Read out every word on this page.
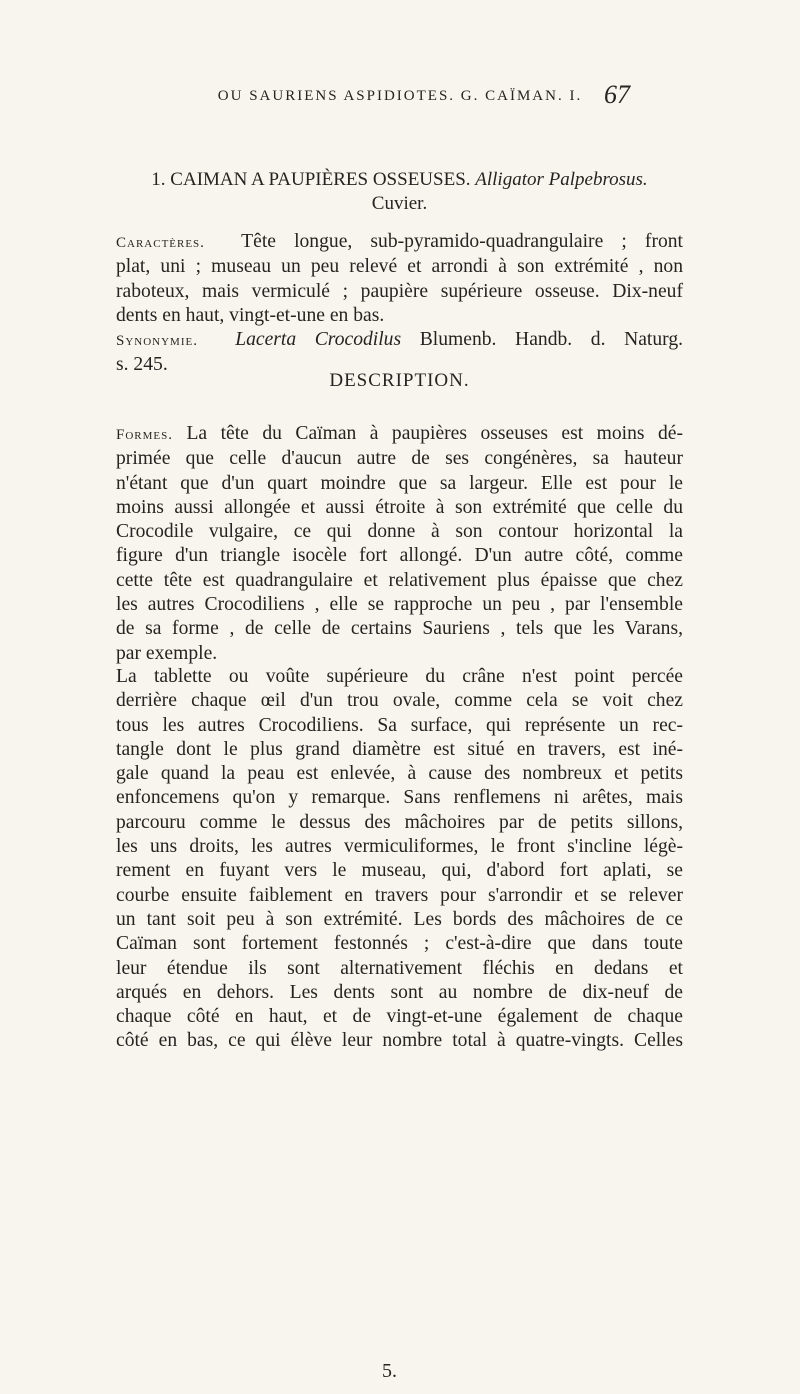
OU SAURIENS ASPIDIOTES. G. CAÏMAN. I. 67
1. CAIMAN A PAUPIÈRES OSSEUSES. Alligator Palpebrosus.
Cuvier.
Caractères. Tête longue, sub-pyramido-quadrangulaire ; front
plat, uni ; museau un peu relevé et arrondi à son extrémité , non
raboteux, mais vermiculé ; paupière supérieure osseuse. Dix-neuf
dents en haut, vingt-et-une en bas.
Synonymie. Lacerta Crocodilus Blumenb. Handb. d. Naturg.
s. 245.
DESCRIPTION.
Formes. La tête du Caïman à paupières osseuses est moins dé-
primée que celle d'aucun autre de ses congénères, sa hauteur
n'étant que d'un quart moindre que sa largeur. Elle est pour le
moins aussi allongée et aussi étroite à son extrémité que celle du
Crocodile vulgaire, ce qui donne à son contour horizontal la
figure d'un triangle isocèle fort allongé. D'un autre côté, comme
cette tête est quadrangulaire et relativement plus épaisse que chez
les autres Crocodiliens , elle se rapproche un peu , par l'ensemble
de sa forme , de celle de certains Sauriens , tels que les Varans,
par exemple.
La tablette ou voûte supérieure du crâne n'est point percée
derrière chaque œil d'un trou ovale, comme cela se voit chez
tous les autres Crocodiliens. Sa surface, qui représente un rec-
tangle dont le plus grand diamètre est situé en travers, est iné-
gale quand la peau est enlevée, à cause des nombreux et petits
enfoncemens qu'on y remarque. Sans renflemens ni arêtes, mais
parcouru comme le dessus des mâchoires par de petits sillons,
les uns droits, les autres vermiculiformes, le front s'incline légè-
rement en fuyant vers le museau, qui, d'abord fort aplati, se
courbe ensuite faiblement en travers pour s'arrondir et se relever
un tant soit peu à son extrémité. Les bords des mâchoires de ce
Caïman sont fortement festonnés ; c'est-à-dire que dans toute
leur étendue ils sont alternativement fléchis en dedans et
arqués en dehors. Les dents sont au nombre de dix-neuf de
chaque côté en haut, et de vingt-et-une également de chaque
côté en bas, ce qui élève leur nombre total à quatre-vingts. Celles
5.
